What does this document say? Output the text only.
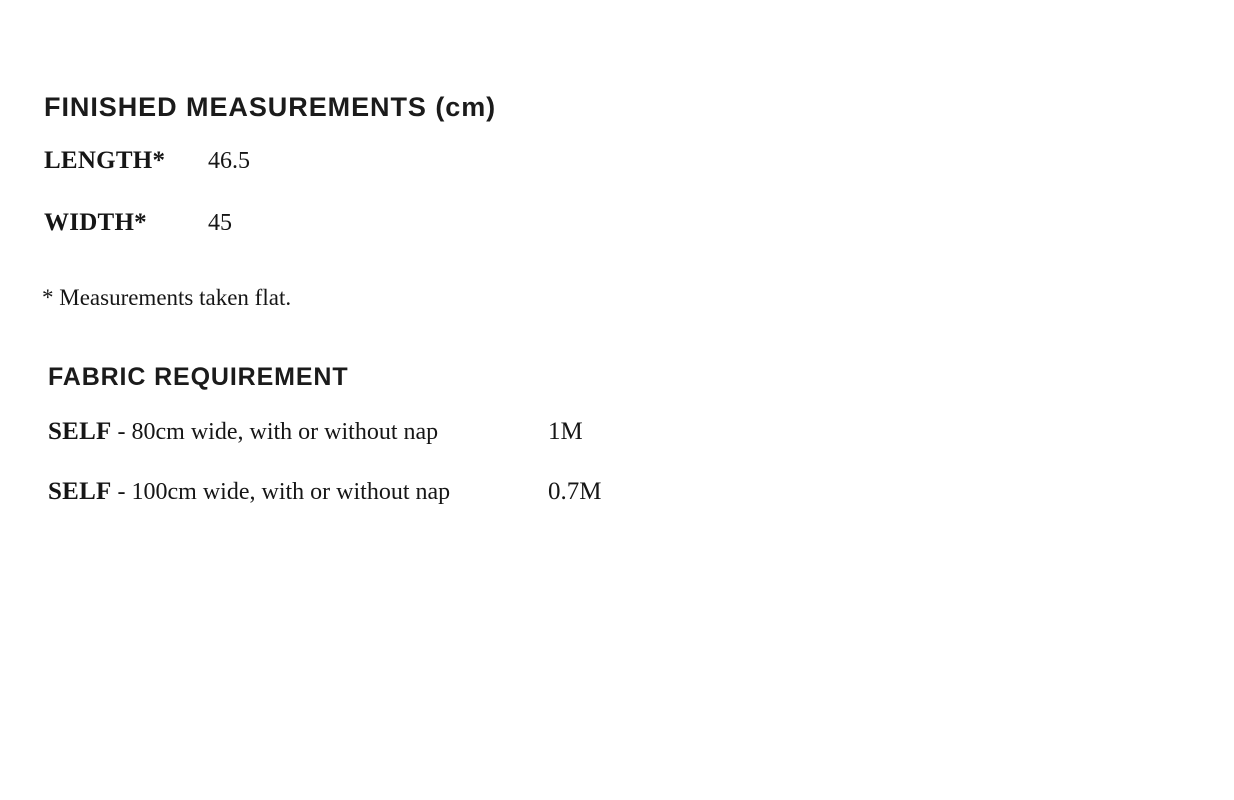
FINISHED MEASUREMENTS (cm)
LENGTH*	46.5
WIDTH*	45

* Measurements taken flat.

FABRIC REQUIREMENT
SELF - 80cm wide, with or without nap	1M
SELF - 100cm wide, with or without nap	0.7M
